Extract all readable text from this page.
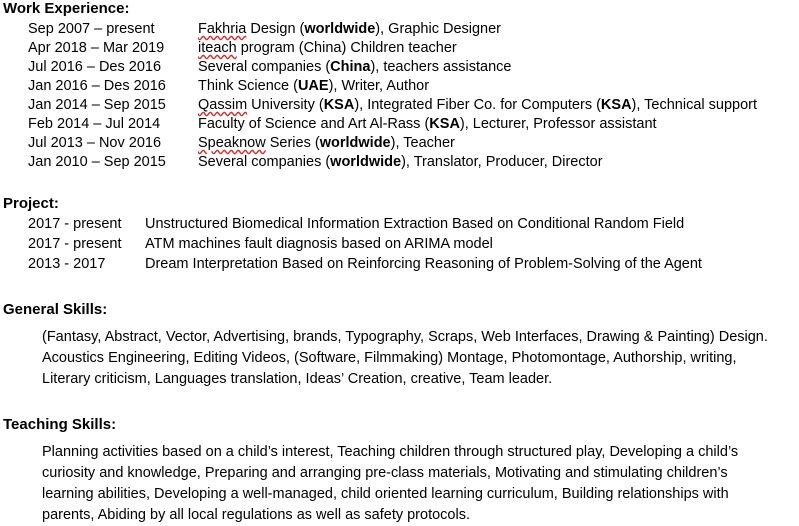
Work Experience:
Sep 2007 – present	Fakhria Design (worldwide), Graphic Designer
Apr 2018 – Mar 2019	iteach program (China) Children teacher
Jul 2016 – Des 2016	Several companies (China), teachers assistance
Jan 2016 – Des 2016	Think Science (UAE), Writer, Author
Jan 2014 – Sep 2015	Qassim University (KSA), Integrated Fiber Co. for Computers (KSA), Technical support
Feb 2014 – Jul 2014	Faculty of Science and Art Al-Rass (KSA), Lecturer, Professor assistant
Jul 2013 – Nov 2016	Speaknow Series (worldwide), Teacher
Jan 2010 – Sep 2015	Several companies (worldwide), Translator, Producer, Director
Project:
2017 - present	Unstructured Biomedical Information Extraction Based on Conditional Random Field
2017 - present	ATM machines fault diagnosis based on ARIMA model
2013 - 2017	Dream Interpretation Based on Reinforcing Reasoning of Problem-Solving of the Agent
General Skills:
(Fantasy, Abstract, Vector, Advertising, brands, Typography, Scraps, Web Interfaces, Drawing & Painting) Design. Acoustics Engineering, Editing Videos, (Software, Filmmaking) Montage, Photomontage, Authorship, writing, Literary criticism, Languages translation, Ideas’ Creation, creative, Team leader.
Teaching Skills:
Planning activities based on a child’s interest, Teaching children through structured play, Developing a child’s curiosity and knowledge, Preparing and arranging pre-class materials, Motivating and stimulating children’s learning abilities, Developing a well-managed, child oriented learning curriculum, Building relationships with parents, Abiding by all local regulations as well as safety protocols.
